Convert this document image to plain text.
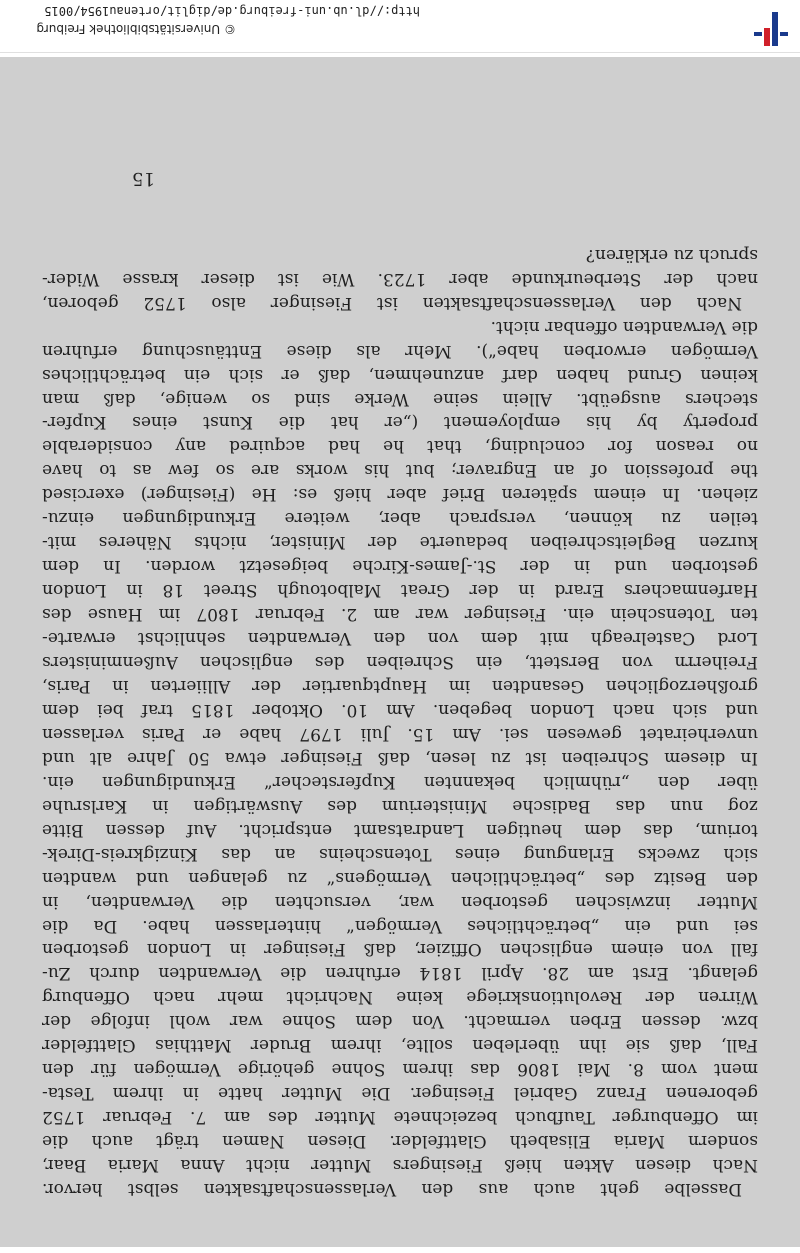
Dasselbe geht auch aus den Verlassenschaftsakten selbst hervor.
Nach diesen Akten hieß Fiesingers Mutter nicht Anna Maria Baar,
sondern Maria Elisabeth Glattfelder. Diesen Namen trägt auch die
im Offenburger Taufbuch bezeichnete Mutter des am 7. Februar 1752
geborenen Franz Gabriel Fiesinger. Die Mutter hatte in ihrem Testa-
ment vom 8. Mai 1806 das ihrem Sohne gehörige Vermögen für den
Fall, daß sie ihn überleben sollte, ihrem Bruder Matthias Glattfelder
bzw. dessen Erben vermacht. Von dem Sohne war wohl infolge der
Wirren der Revolutionskriege keine Nachricht mehr nach Offenburg
gelangt. Erst am 28. April 1814 erfuhren die Verwandten durch Zu-
fall von einem englischen Offizier, daß Fiesinger in London gestorben
sei und ein „beträchtliches Vermögen“ hinterlassen habe. Da die
Mutter inzwischen gestorben war, versuchten die Verwandten, in
den Besitz des „beträchtlichen Vermögens“ zu gelangen und wandten
sich zwecks Erlangung eines Totenscheins an das Kinzigkreis-Direk-
torium, das dem heutigen Landratsamt entspricht. Auf dessen Bitte
zog nun das Badische Ministerium des Auswärtigen in Karlsruhe
über den „rühmlich bekannten Kupferstecher“ Erkundigungen ein.
In diesem Schreiben ist zu lesen, daß Fiesinger etwa 50 Jahre alt und
unverheiratet gewesen sei. Am 15. Juli 1797 habe er Paris verlassen
und sich nach London begeben. Am 10. Oktober 1815 traf bei dem
großherzoglichen Gesandten im Hauptquartier der Alliierten in Paris,
Freiherrn von Berstett, ein Schreiben des englischen Außenministers
Lord Castelreagh mit dem von den Verwandten sehnlichst erwarte-
ten Totenschein ein. Fiesinger war am 2. Februar 1807 im Hause des
Harfenmachers Erard in der Great Malbotough Street 18 in London
gestorben und in der St.-James-Kirche beigesetzt worden. In dem
kurzen Begleitschreiben bedauerte der Minister, nichts Näheres mit-
teilen zu können, versprach aber, weitere Erkundigungen einzu-
ziehen. In einem späteren Brief aber hieß es: He (Fiesinger) exercised
the profession of an Engraver; but his works are so few as to have
no reason for concluding, that he had acquired any considerable
property by his employement („er hat die Kunst eines Kupfer-
stechers ausgeübt. Allein seine Werke sind so wenige, daß man
keinen Grund haben darf anzunehmen, daß er sich ein beträchtliches
Vermögen erworben habe“). Mehr als diese Enttäuschung erfuhren
die Verwandten offenbar nicht.
Nach den Verlassenschaftsakten ist Fiesinger also 1752 geboren,
nach der Sterbeurkunde aber 1723. Wie ist dieser krasse Wider-
spruch zu erklären?
15
© Universitätsbibliothek Freiburg
http://dl.ub.uni-freiburg.de/diglit/ortenau1954/0015
